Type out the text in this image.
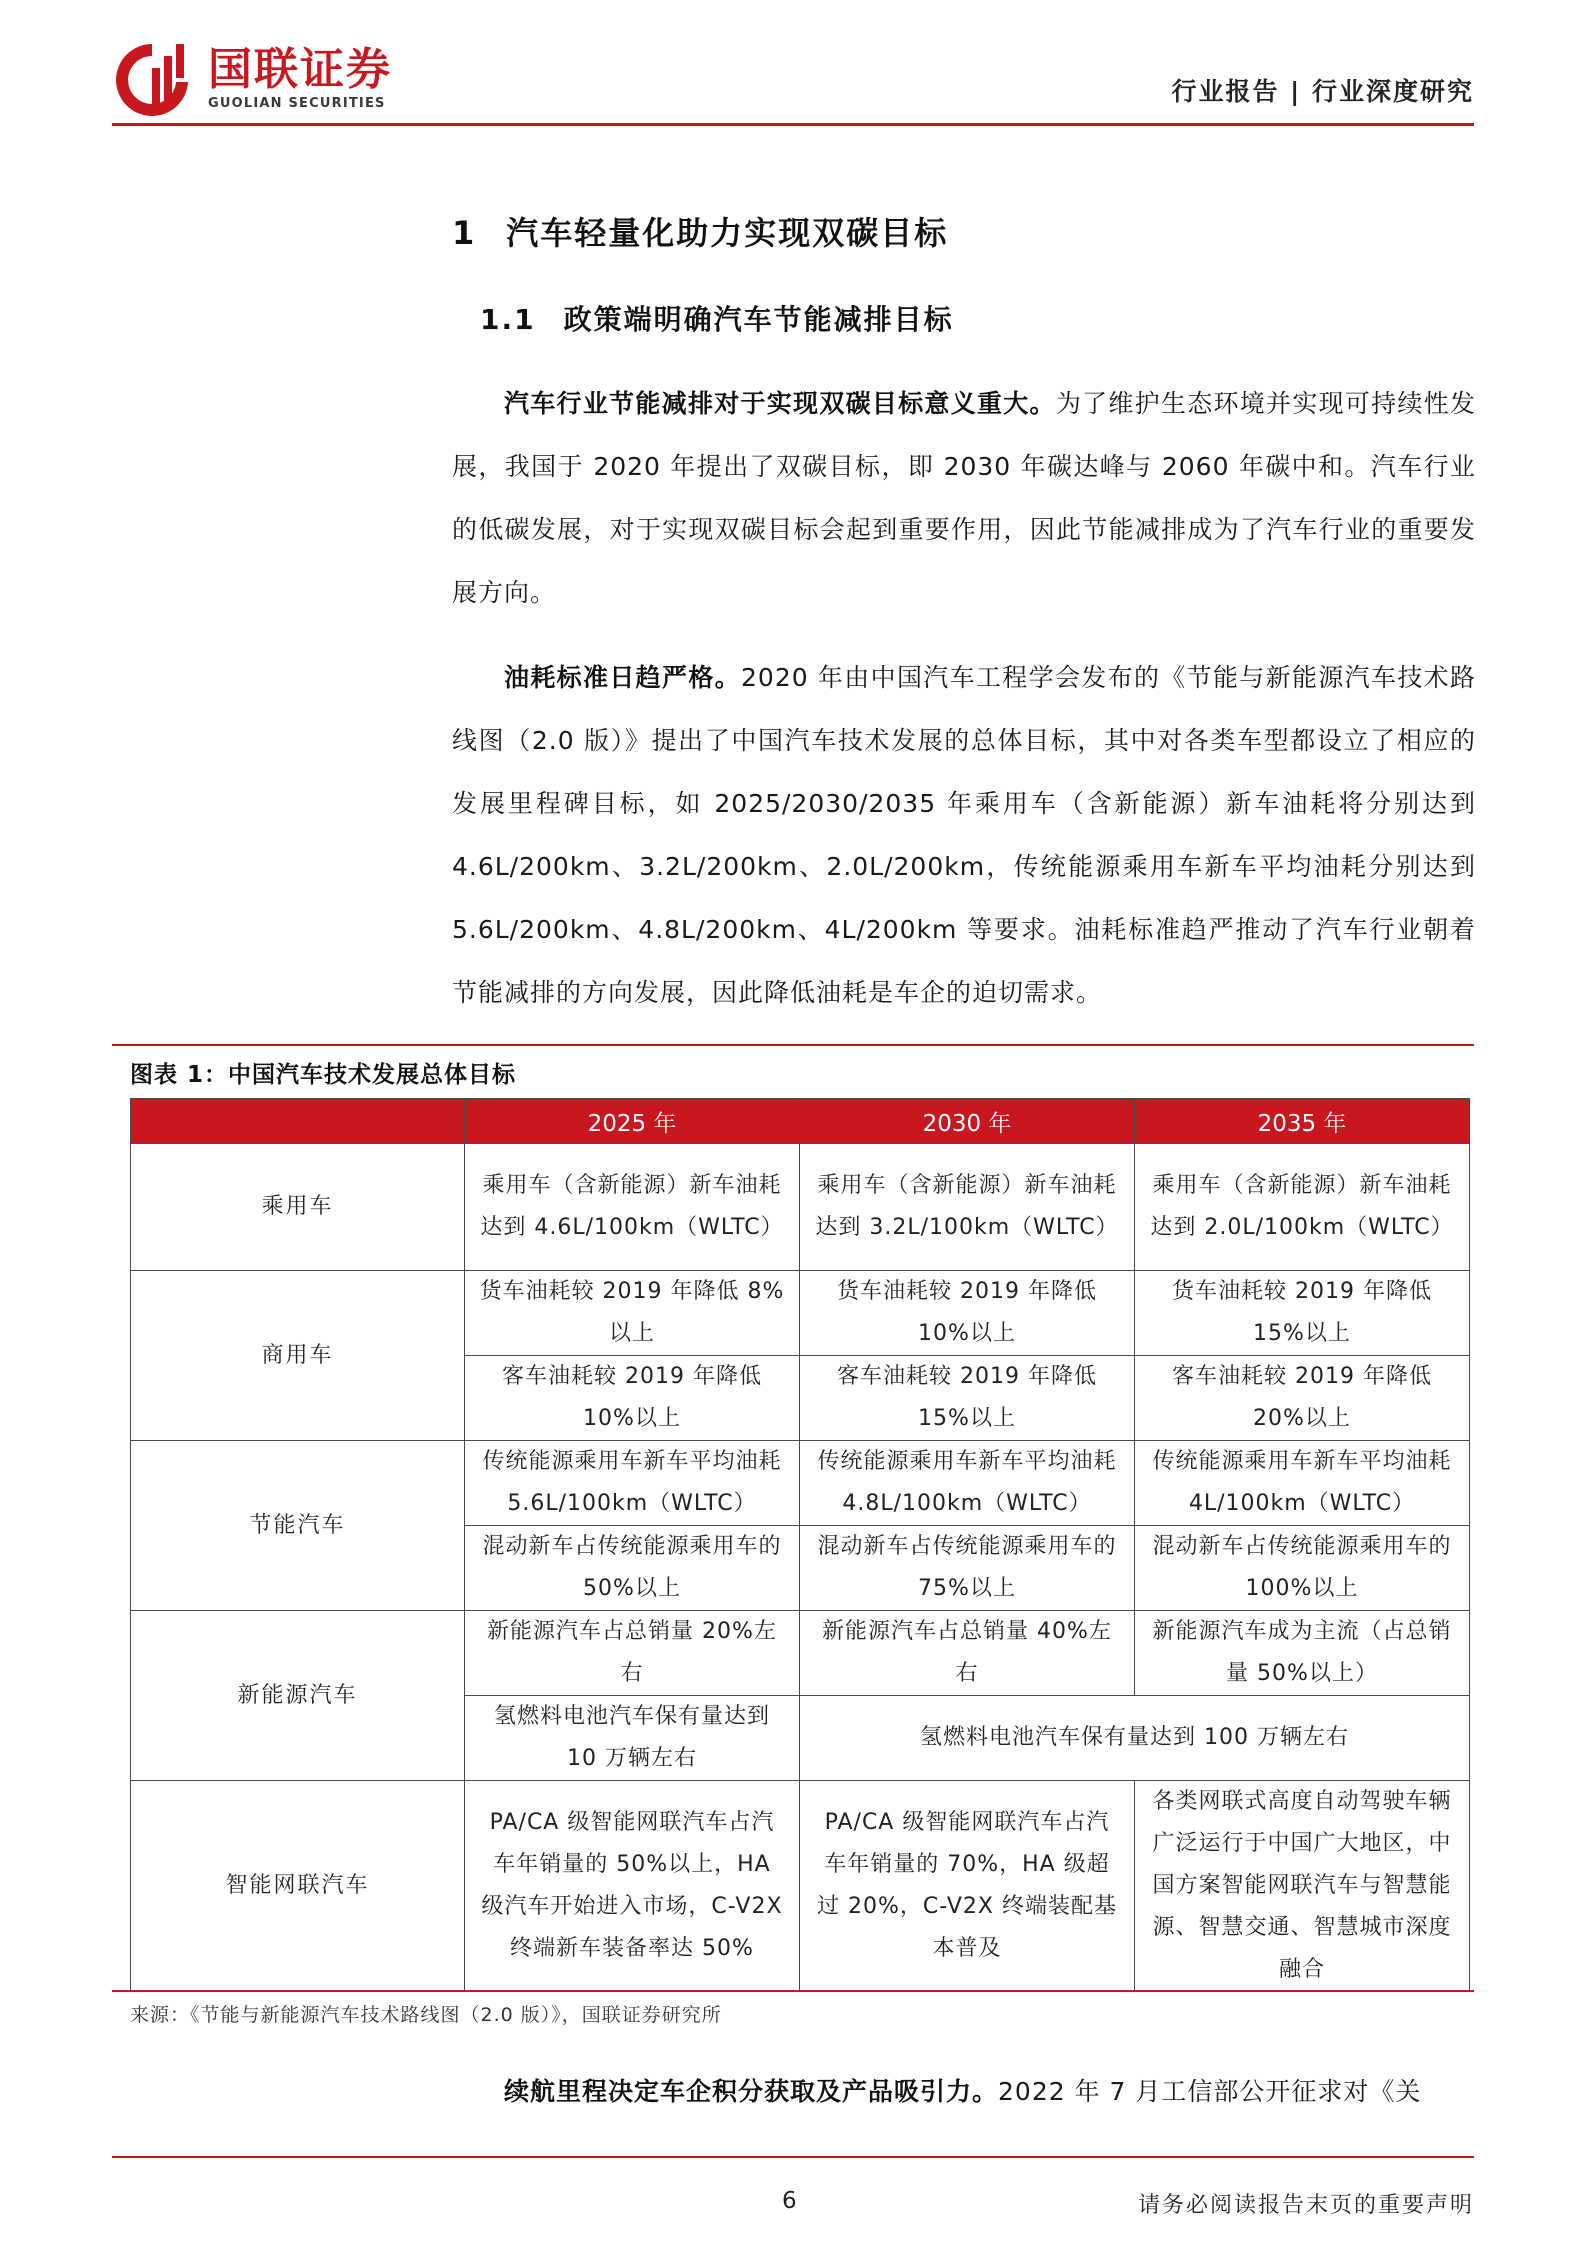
国联证券
GUOLIAN SECURITIES	行业报告 | 行业深度研究
1 汽车轻量化助力实现双碳目标
1.1 政策端明确汽车节能减排目标
汽车行业节能减排对于实现双碳目标意义重大。为了维护生态环境并实现可持续性发展，我国于 2020 年提出了双碳目标，即 2030 年碳达峰与 2060 年碳中和。汽车行业的低碳发展，对于实现双碳目标会起到重要作用，因此节能减排成为了汽车行业的重要发展方向。
油耗标准日趋严格。2020 年由中国汽车工程学会发布的《节能与新能源汽车技术路线图（2.0 版）》提出了中国汽车技术发展的总体目标，其中对各类车型都设立了相应的发展里程碑目标，如 2025/2030/2035 年乘用车（含新能源）新车油耗将分别达到 4.6L/200km、3.2L/200km、2.0L/200km，传统能源乘用车新车平均油耗分别达到 5.6L/200km、4.8L/200km、4L/200km 等要求。油耗标准趋严推动了汽车行业朝着节能减排的方向发展，因此降低油耗是车企的迫切需求。
图表 1：中国汽车技术发展总体目标
	2025 年	2030 年	2035 年
乘用车	乘用车（含新能源）新车油耗达到 4.6L/100km（WLTC）	乘用车（含新能源）新车油耗达到 3.2L/100km（WLTC）	乘用车（含新能源）新车油耗达到 2.0L/100km（WLTC）
商用车	货车油耗较 2019 年降低 8%以上	货车油耗较 2019 年降低 10%以上	货车油耗较 2019 年降低 15%以上
	客车油耗较 2019 年降低 10%以上	客车油耗较 2019 年降低 15%以上	客车油耗较 2019 年降低 20%以上
节能汽车	传统能源乘用车新车平均油耗 5.6L/100km（WLTC）	传统能源乘用车新车平均油耗 4.8L/100km（WLTC）	传统能源乘用车新车平均油耗 4L/100km（WLTC）
	混动新车占传统能源乘用车的 50%以上	混动新车占传统能源乘用车的 75%以上	混动新车占传统能源乘用车的 100%以上
新能源汽车	新能源汽车占总销量 20%左右	新能源汽车占总销量 40%左右	新能源汽车成为主流（占总销量 50%以上）
	氢燃料电池汽车保有量达到 10 万辆左右	氢燃料电池汽车保有量达到 100 万辆左右	
智能网联汽车	PA/CA 级智能网联汽车占汽车年销量的 50%以上，HA 级汽车开始进入市场，C-V2X 终端新车装备率达 50%	PA/CA 级智能网联汽车占汽车年销量的 70%，HA 级超过 20%，C-V2X 终端装配基本普及	各类网联式高度自动驾驶车辆广泛运行于中国广大地区，中国方案智能网联汽车与智慧能源、智慧交通、智慧城市深度融合
来源：《节能与新能源汽车技术路线图（2.0 版）》，国联证券研究所
续航里程决定车企积分获取及产品吸引力。2022 年 7 月工信部公开征求对《关
6	请务必阅读报告末页的重要声明
